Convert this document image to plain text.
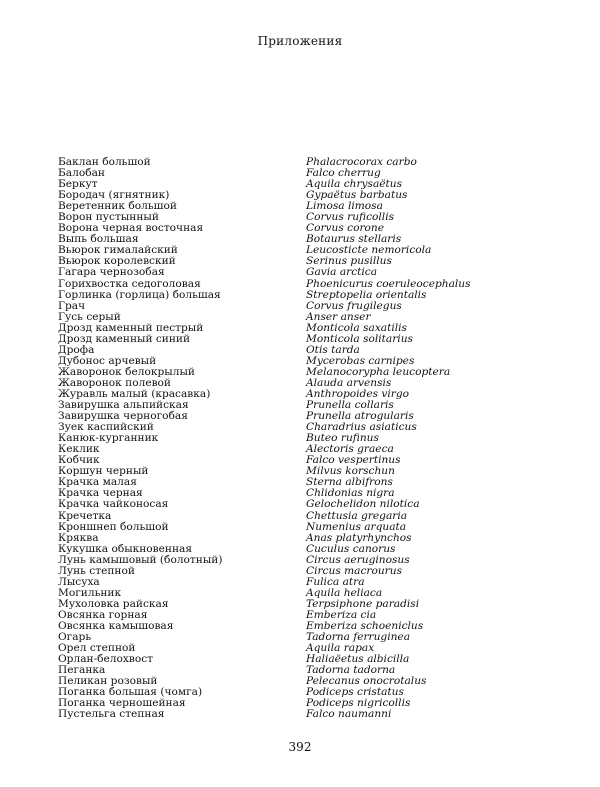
Приложения
Баклан большой
Балобан
Беркут
Бородач (ягнятник)
Веретенник большой
Ворон пустынный
Ворона черная восточная
Выпь большая
Вьюрок гималайский
Вьюрок королевский
Гагара чернозобая
Горихвостка седоголовая
Горлинка (горлица) большая
Грач
Гусь серый
Дрозд каменный пестрый
Дрозд каменный синий
Дрофа
Дубонос арчевый
Жаворонок белокрылый
Жаворонок полевой
Журавль малый (красавка)
Завирушка альпийская
Завирушка черногобая
Зуек каспийский
Канюк-курганник
Кеклик
Кобчик
Коршун черный
Крачка малая
Крачка черная
Крачка чайконосая
Кречетка
Кроншнеп большой
Кряква
Кукушка обыкновенная
Лунь камышовый (болотный)
Лунь степной
Лысуха
Могильник
Мухоловка райская
Овсянка горная
Овсянка камышовая
Огарь
Орел степной
Орлан-белохвост
Пеганка
Пеликан розовый
Поганка большая (чомга)
Поганка черношейная
Пустельга степная
Phalacrocorax carbo
Falco cherrug
Aquila chrysaëtus
Gypaëtus barbatus
Limosa limosa
Corvus ruficollis
Corvus corone
Botaurus stellaris
Leucosticte nemoricola
Serinus pusillus
Gavia arctica
Phoenicurus coeruleocephalus
Streptopelia orientalis
Corvus frugilegus
Anser anser
Monticola saxatilis
Monticola solitarius
Otis tarda
Mycerobas carnipes
Melanocorypha leucoptera
Alauda arvensis
Anthropoides virgo
Prunella collaris
Prunella atrogularis
Charadrius asiaticus
Buteo rufinus
Alectoris graeca
Falco vespertinus
Milvus korschun
Sterna albifrons
Chlidonias nigra
Gelochelidon nilotica
Chettusia gregaria
Numenius arquata
Anas platyrhynchos
Cuculus canorus
Circus aeruginosus
Circus macrourus
Fulica atra
Aquila heliaca
Terpsiphone paradisi
Emberiza cia
Emberiza schoeniclus
Tadorna ferruginea
Aquila rapax
Haliaëetus albicilla
Tadorna tadorna
Pelecanus onocrotalus
Podiceps cristatus
Podiceps nigricollis
Falco naumanni
392
